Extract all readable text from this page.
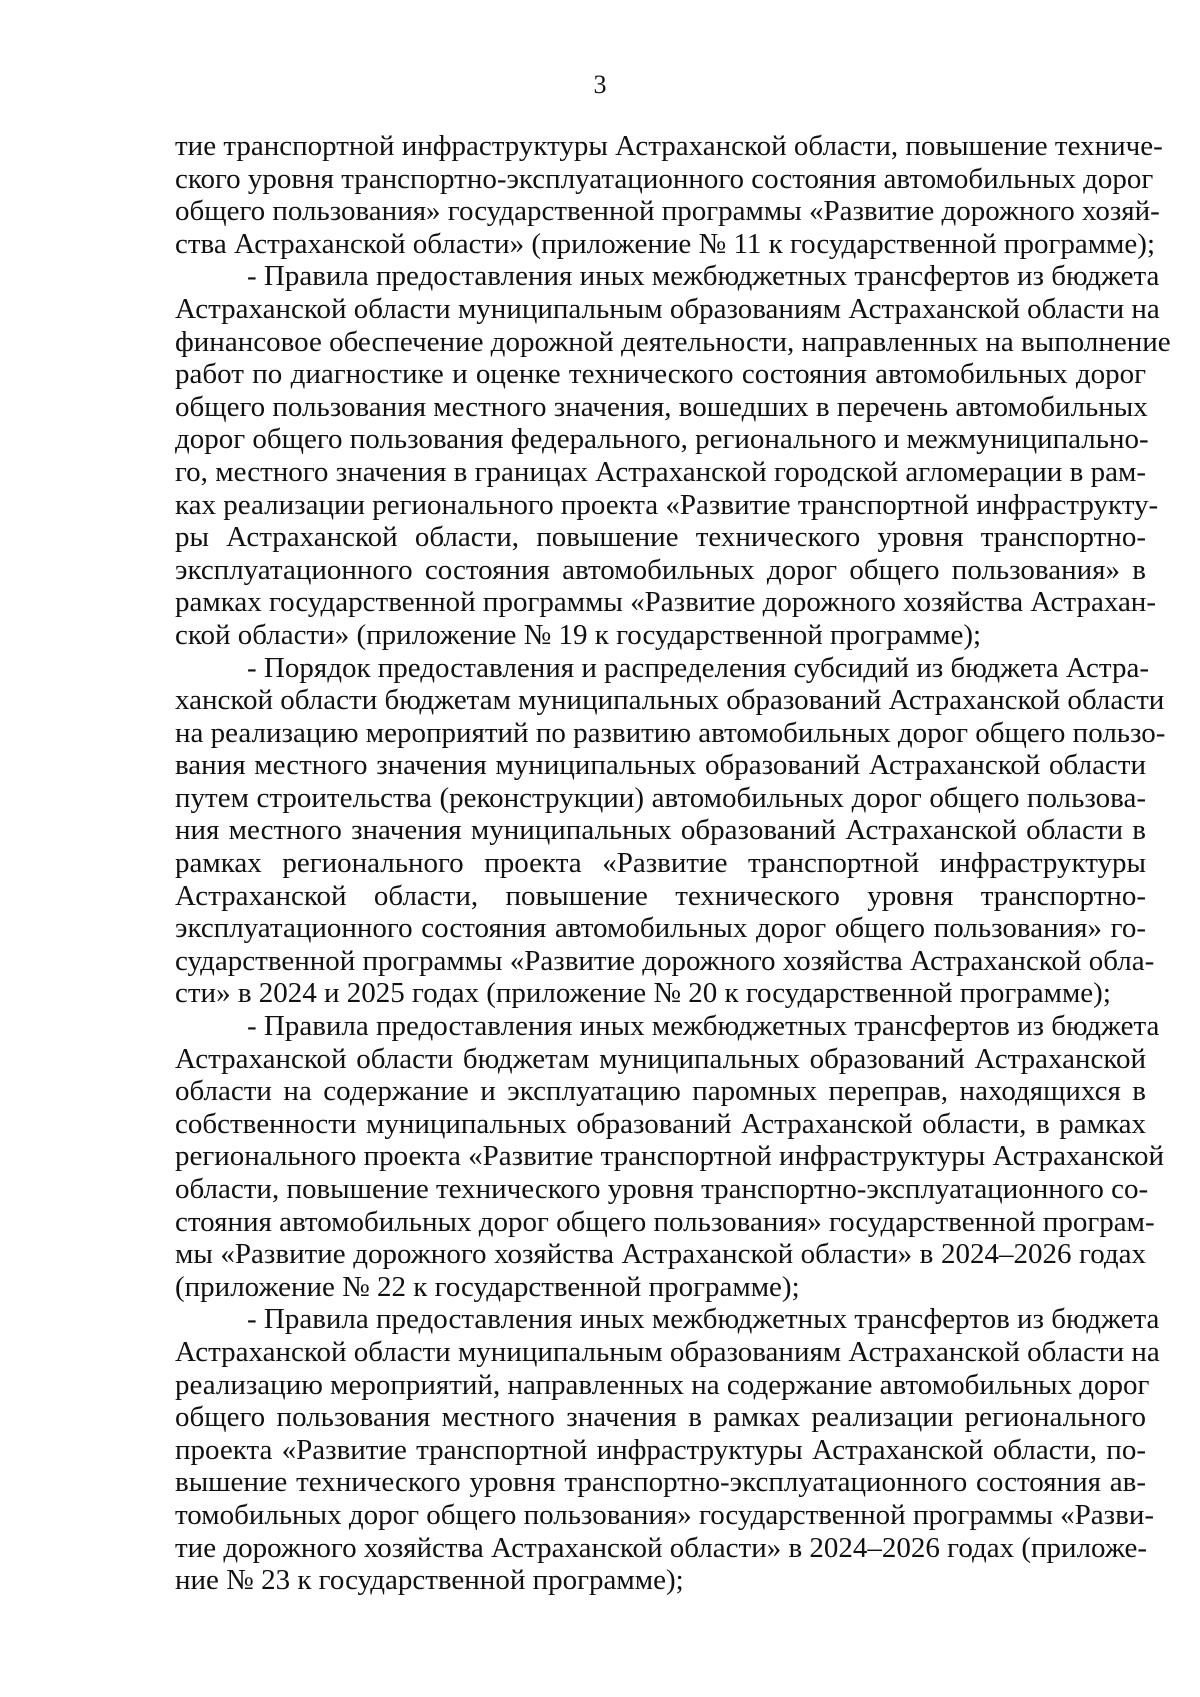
3
тие транспортной инфраструктуры Астраханской области, повышение техниче-
ского уровня транспортно-эксплуатационного состояния автомобильных дорог
общего пользования» государственной программы «Развитие дорожного хозяй-
ства Астраханской области» (приложение № 11 к государственной программе);
- Правила предоставления иных межбюджетных трансфертов из бюджета
Астраханской области муниципальным образованиям Астраханской области на
финансовое обеспечение дорожной деятельности, направленных на выполнение
работ по диагностике и оценке технического состояния автомобильных дорог
общего пользования местного значения, вошедших в перечень автомобильных
дорог общего пользования федерального, регионального и межмуниципально-
го, местного значения в границах Астраханской городской агломерации в рам-
ках реализации регионального проекта «Развитие транспортной инфраструкту-
ры Астраханской области, повышение технического уровня транспортно-
эксплуатационного состояния автомобильных дорог общего пользования» в
рамках государственной программы «Развитие дорожного хозяйства Астрахан-
ской области» (приложение № 19 к государственной программе);
- Порядок предоставления и распределения субсидий из бюджета Астра-
ханской области бюджетам муниципальных образований Астраханской области
на реализацию мероприятий по развитию автомобильных дорог общего пользо-
вания местного значения муниципальных образований Астраханской области
путем строительства (реконструкции) автомобильных дорог общего пользова-
ния местного значения муниципальных образований Астраханской области в
рамках регионального проекта «Развитие транспортной инфраструктуры
Астраханской области, повышение технического уровня транспортно-
эксплуатационного состояния автомобильных дорог общего пользования» го-
сударственной программы «Развитие дорожного хозяйства Астраханской обла-
сти» в 2024 и 2025 годах (приложение № 20 к государственной программе);
- Правила предоставления иных межбюджетных трансфертов из бюджета
Астраханской области бюджетам муниципальных образований Астраханской
области на содержание и эксплуатацию паромных переправ, находящихся в
собственности муниципальных образований Астраханской области, в рамках
регионального проекта «Развитие транспортной инфраструктуры Астраханской
области, повышение технического уровня транспортно-эксплуатационного со-
стояния автомобильных дорог общего пользования» государственной програм-
мы «Развитие дорожного хозяйства Астраханской области» в 2024–2026 годах
(приложение № 22 к государственной программе);
- Правила предоставления иных межбюджетных трансфертов из бюджета
Астраханской области муниципальным образованиям Астраханской области на
реализацию мероприятий, направленных на содержание автомобильных дорог
общего пользования местного значения в рамках реализации регионального
проекта «Развитие транспортной инфраструктуры Астраханской области, по-
вышение технического уровня транспортно-эксплуатационного состояния ав-
томобильных дорог общего пользования» государственной программы «Разви-
тие дорожного хозяйства Астраханской области» в 2024–2026 годах (приложе-
ние № 23 к государственной программе);
